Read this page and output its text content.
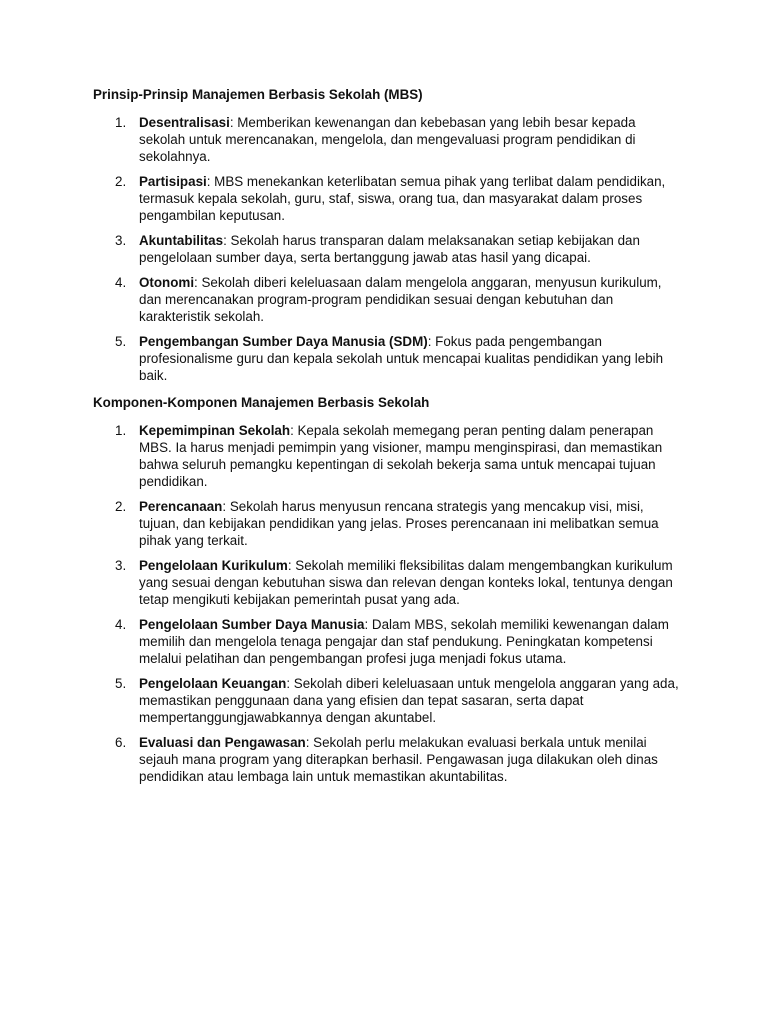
Prinsip-Prinsip Manajemen Berbasis Sekolah (MBS)
1. Desentralisasi: Memberikan kewenangan dan kebebasan yang lebih besar kepada sekolah untuk merencanakan, mengelola, dan mengevaluasi program pendidikan di sekolahnya.
2. Partisipasi: MBS menekankan keterlibatan semua pihak yang terlibat dalam pendidikan, termasuk kepala sekolah, guru, staf, siswa, orang tua, dan masyarakat dalam proses pengambilan keputusan.
3. Akuntabilitas: Sekolah harus transparan dalam melaksanakan setiap kebijakan dan pengelolaan sumber daya, serta bertanggung jawab atas hasil yang dicapai.
4. Otonomi: Sekolah diberi keleluasaan dalam mengelola anggaran, menyusun kurikulum, dan merencanakan program-program pendidikan sesuai dengan kebutuhan dan karakteristik sekolah.
5. Pengembangan Sumber Daya Manusia (SDM): Fokus pada pengembangan profesionalisme guru dan kepala sekolah untuk mencapai kualitas pendidikan yang lebih baik.
Komponen-Komponen Manajemen Berbasis Sekolah
1. Kepemimpinan Sekolah: Kepala sekolah memegang peran penting dalam penerapan MBS. Ia harus menjadi pemimpin yang visioner, mampu menginspirasi, dan memastikan bahwa seluruh pemangku kepentingan di sekolah bekerja sama untuk mencapai tujuan pendidikan.
2. Perencanaan: Sekolah harus menyusun rencana strategis yang mencakup visi, misi, tujuan, dan kebijakan pendidikan yang jelas. Proses perencanaan ini melibatkan semua pihak yang terkait.
3. Pengelolaan Kurikulum: Sekolah memiliki fleksibilitas dalam mengembangkan kurikulum yang sesuai dengan kebutuhan siswa dan relevan dengan konteks lokal, tentunya dengan tetap mengikuti kebijakan pemerintah pusat yang ada.
4. Pengelolaan Sumber Daya Manusia: Dalam MBS, sekolah memiliki kewenangan dalam memilih dan mengelola tenaga pengajar dan staf pendukung. Peningkatan kompetensi melalui pelatihan dan pengembangan profesi juga menjadi fokus utama.
5. Pengelolaan Keuangan: Sekolah diberi keleluasaan untuk mengelola anggaran yang ada, memastikan penggunaan dana yang efisien dan tepat sasaran, serta dapat mempertanggungjawabkannya dengan akuntabel.
6. Evaluasi dan Pengawasan: Sekolah perlu melakukan evaluasi berkala untuk menilai sejauh mana program yang diterapkan berhasil. Pengawasan juga dilakukan oleh dinas pendidikan atau lembaga lain untuk memastikan akuntabilitas.
